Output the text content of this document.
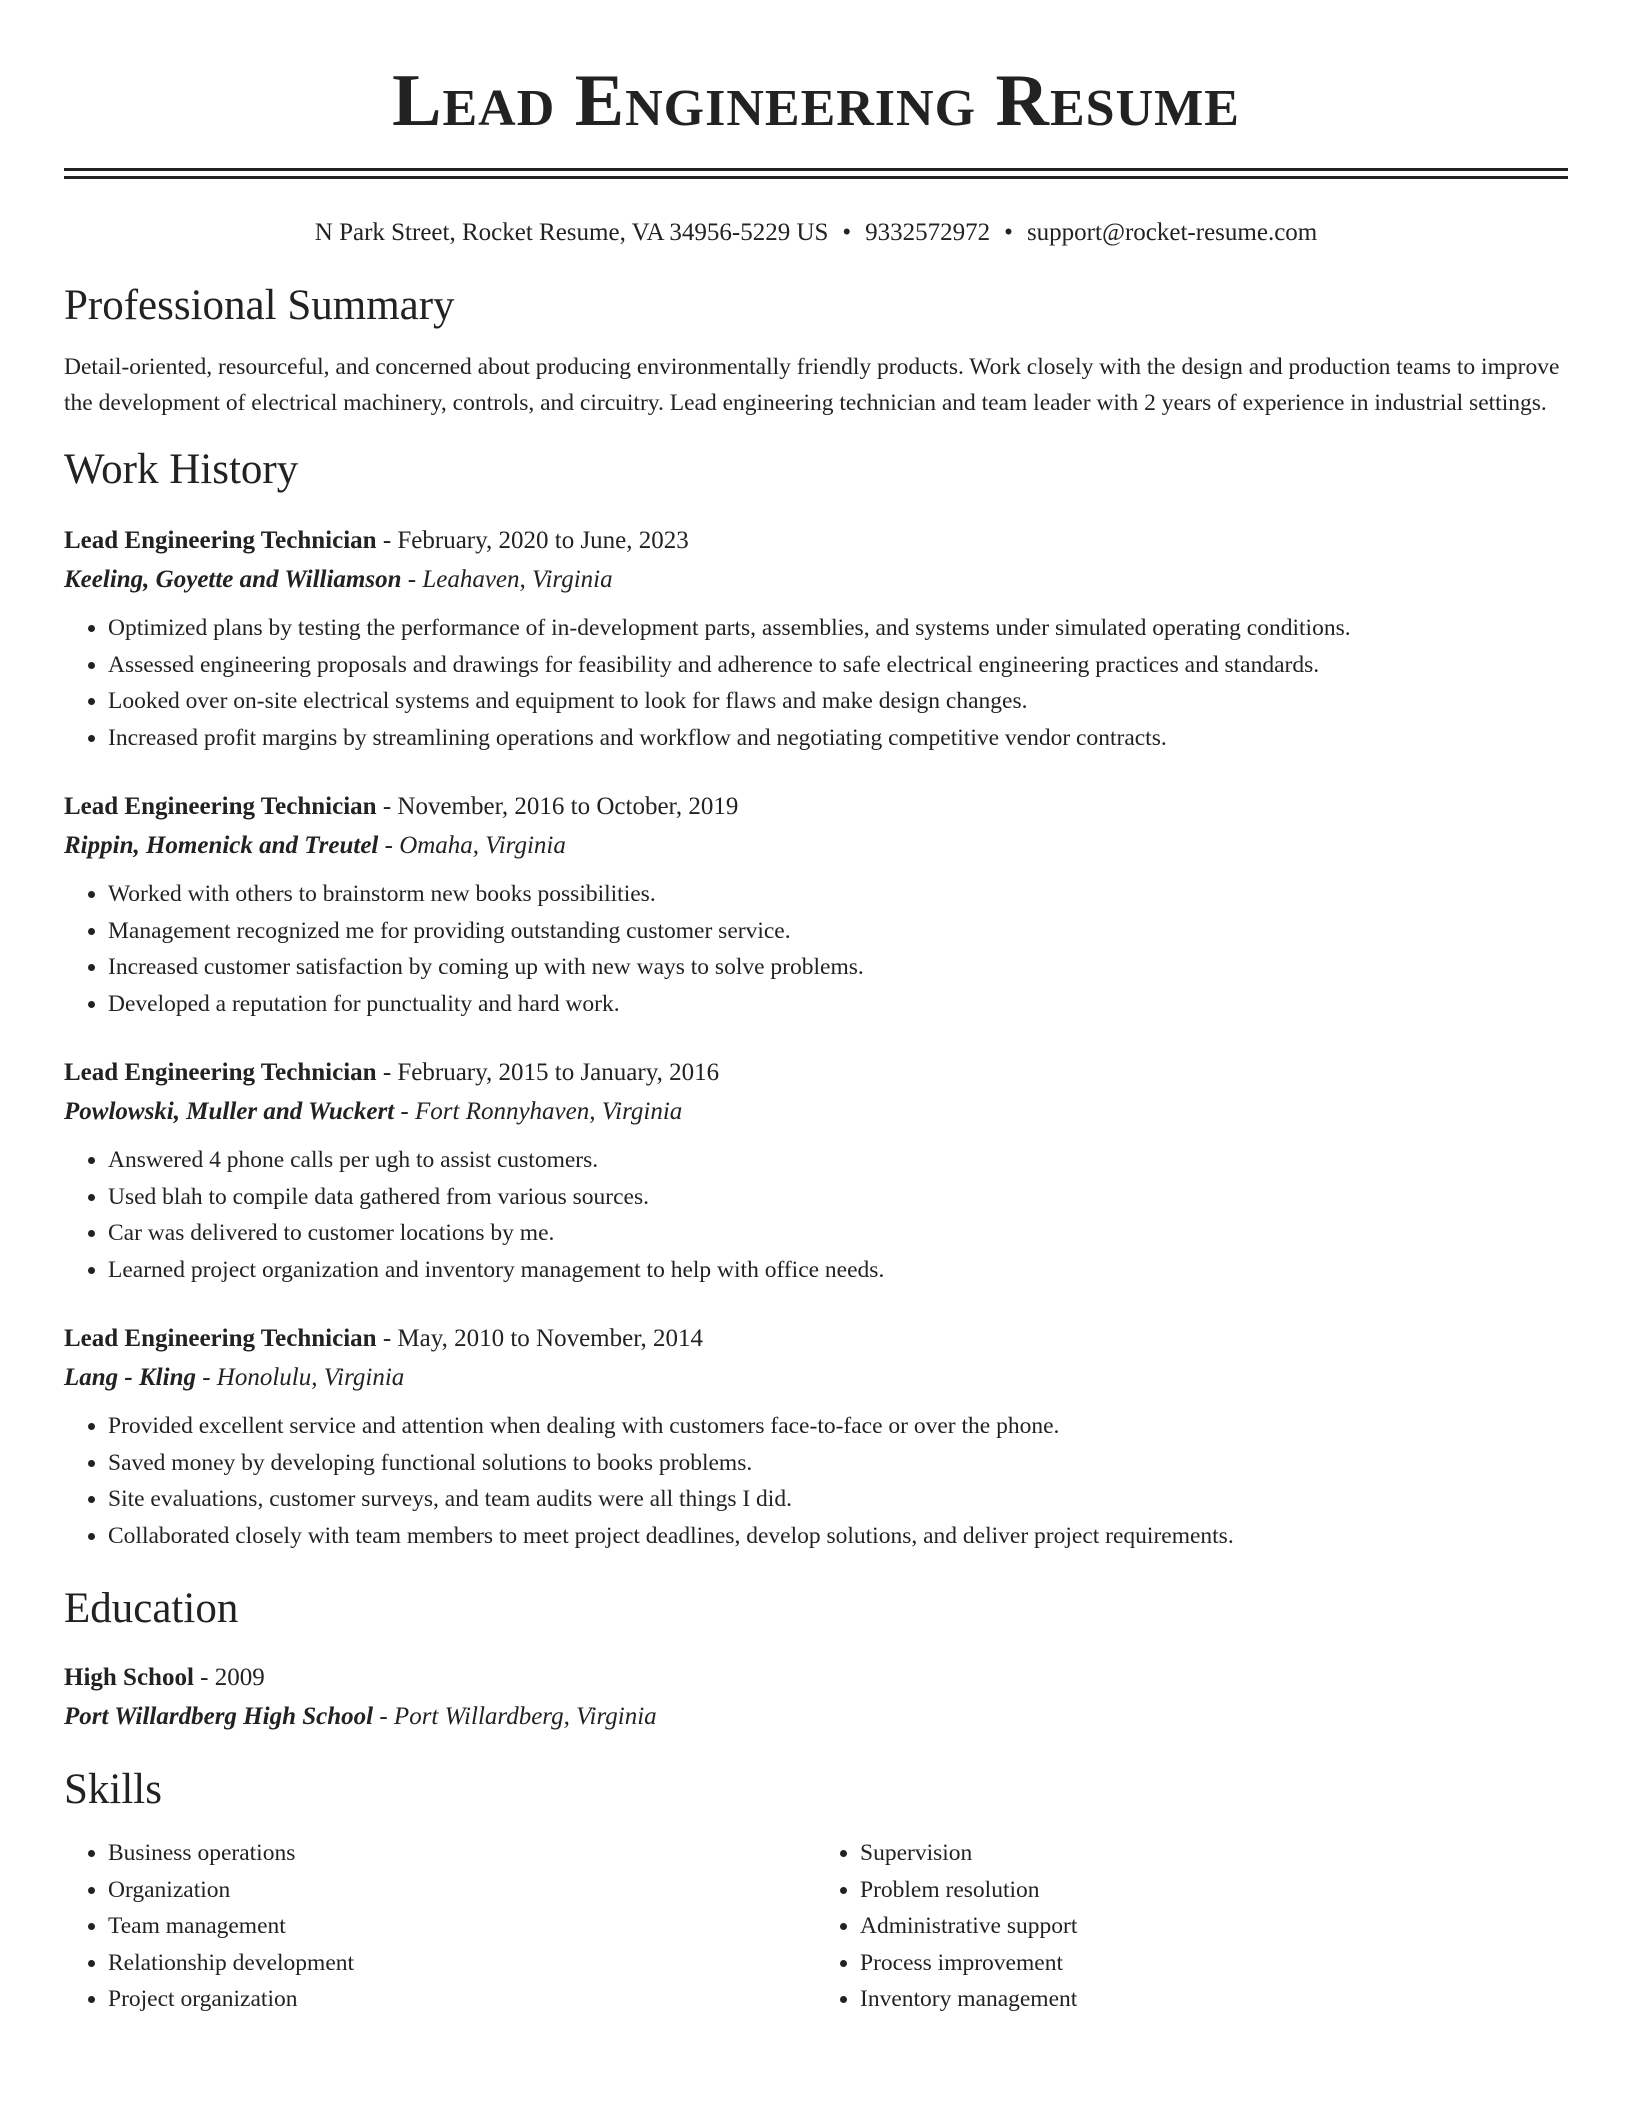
Lead Engineering Resume
N Park Street, Rocket Resume, VA 34956-5229 US • 9332572972 • support@rocket-resume.com
Professional Summary
Detail-oriented, resourceful, and concerned about producing environmentally friendly products. Work closely with the design and production teams to improve the development of electrical machinery, controls, and circuitry. Lead engineering technician and team leader with 2 years of experience in industrial settings.
Work History
Lead Engineering Technician - February, 2020 to June, 2023
Keeling, Goyette and Williamson - Leahaven, Virginia
• Optimized plans by testing the performance of in-development parts, assemblies, and systems under simulated operating conditions.
• Assessed engineering proposals and drawings for feasibility and adherence to safe electrical engineering practices and standards.
• Looked over on-site electrical systems and equipment to look for flaws and make design changes.
• Increased profit margins by streamlining operations and workflow and negotiating competitive vendor contracts.
Lead Engineering Technician - November, 2016 to October, 2019
Rippin, Homenick and Treutel - Omaha, Virginia
• Worked with others to brainstorm new books possibilities.
• Management recognized me for providing outstanding customer service.
• Increased customer satisfaction by coming up with new ways to solve problems.
• Developed a reputation for punctuality and hard work.
Lead Engineering Technician - February, 2015 to January, 2016
Powlowski, Muller and Wuckert - Fort Ronnyhaven, Virginia
• Answered 4 phone calls per ugh to assist customers.
• Used blah to compile data gathered from various sources.
• Car was delivered to customer locations by me.
• Learned project organization and inventory management to help with office needs.
Lead Engineering Technician - May, 2010 to November, 2014
Lang - Kling - Honolulu, Virginia
• Provided excellent service and attention when dealing with customers face-to-face or over the phone.
• Saved money by developing functional solutions to books problems.
• Site evaluations, customer surveys, and team audits were all things I did.
• Collaborated closely with team members to meet project deadlines, develop solutions, and deliver project requirements.
Education
High School - 2009
Port Willardberg High School - Port Willardberg, Virginia
Skills
• Business operations
• Organization
• Team management
• Relationship development
• Project organization
• Supervision
• Problem resolution
• Administrative support
• Process improvement
• Inventory management
